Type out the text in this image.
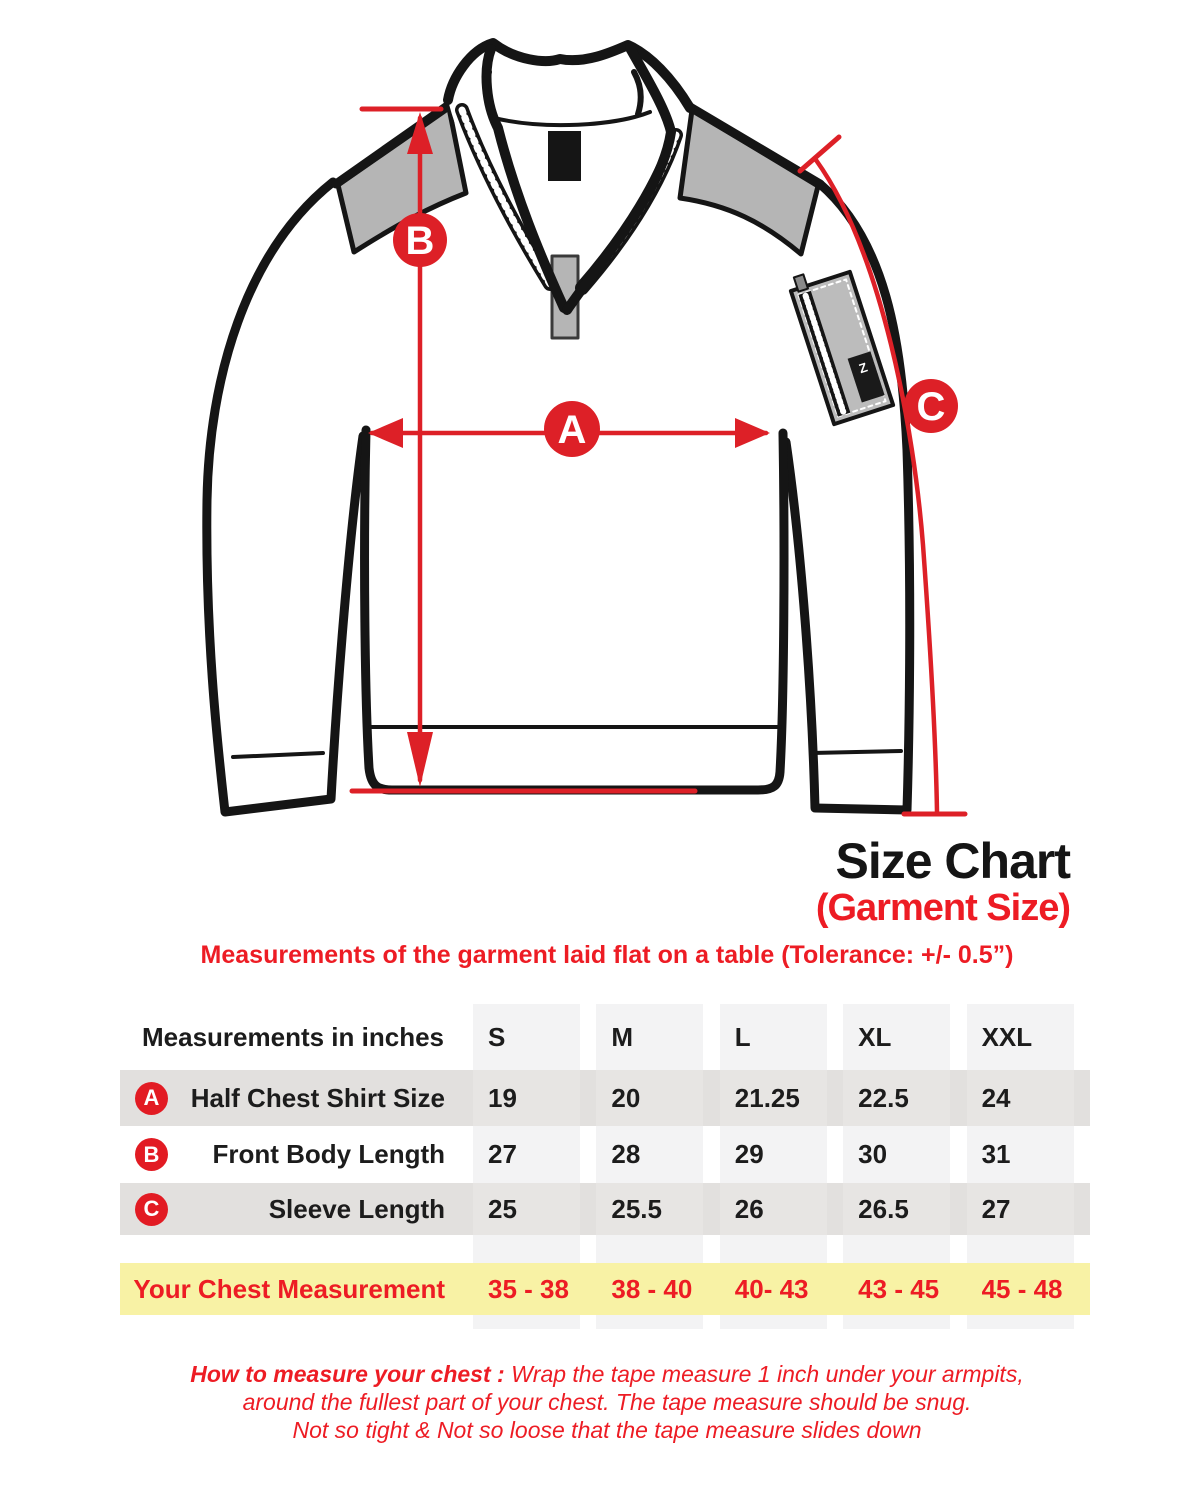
Z
B
A
C
Size Chart
(Garment Size)
Measurements of the garment laid flat on a table (Tolerance: +/- 0.5”)
Measurements in inches	S	M	L	XL	XXL
A	Half Chest Shirt Size	19	20	21.25	22.5	24
B	Front Body Length	27	28	29	30	31
C	Sleeve Length	25	25.5	26	26.5	27
Your Chest Measurement	35 - 38	38 - 40	40- 43	43 - 45	45 - 48

How to measure your chest : Wrap the tape measure 1 inch under your armpits,

around the fullest part of your chest. The tape measure should be snug.

Not so tight & Not so loose that the tape measure slides down
